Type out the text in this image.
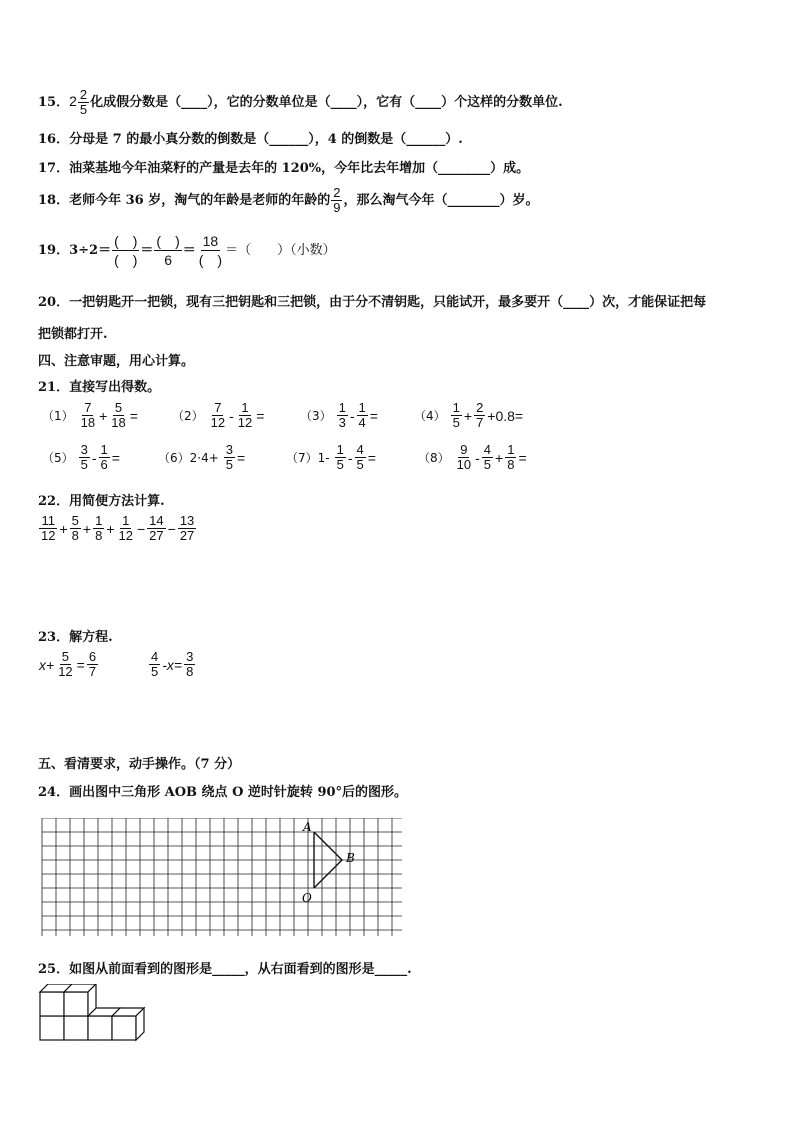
15．$2 \frac{2}{5}$ 化成假分数是（____），它的分数单位是（____），它有（____）个这样的分数单位.
16．分母是 7 的最小真分数的倒数是（______），4 的倒数是（______）.
17．油菜基地今年油菜籽的产量是去年的 120%，今年比去年增加（________）成。
18．老师今年 36 岁，淘气的年龄是老师的年龄的 $\frac{2}{9}$ ，那么淘气今年（________）岁。
19．$3\div 2= \frac{( )}{( )} = \frac{( )}{6} = \frac{18}{( )}$ ＝（　　）（小数）
20．一把钥匙开一把锁，现有三把钥匙和三把锁，由于分不清钥匙，只能试开，最多要开（____）次，才能保证把每
把锁都打开.
四、注意审题，用心计算。
21．直接写出得数。
$(1) \frac{7}{18} + \frac{5}{18}$ =	$(2) \frac{7}{12} - \frac{1}{12}$ =	$(3) \frac{1}{3} - \frac{1}{4}$ =	$(4) \frac{1}{5} + \frac{2}{7} +0.8=$
$(5) \frac{3}{5} - \frac{1}{6}$ =	$(6)2\cdot 4+ \frac{3}{5}$ =	$(7)1- \frac{1}{5} - \frac{4}{5}$ =	$(8) \frac{9}{10} - \frac{4}{5} + \frac{1}{8}$ =
22．用简便方法计算.
$\frac{11}{12} + \frac{5}{8} + \frac{1}{8} + \frac{1}{12} - \frac{14}{27} - \frac{13}{27}$
23．解方程.
$x+ \frac{5}{12} = \frac{6}{7}$	$\frac{4}{5} -x= \frac{3}{8}$
五、看清要求，动手操作。（7 分）
24．画出图中三角形 AOB 绕点 O 逆时针旋转 90°后的图形。
A
B
O
25．如图从前面看到的图形是_____，从右面看到的图形是_____.
